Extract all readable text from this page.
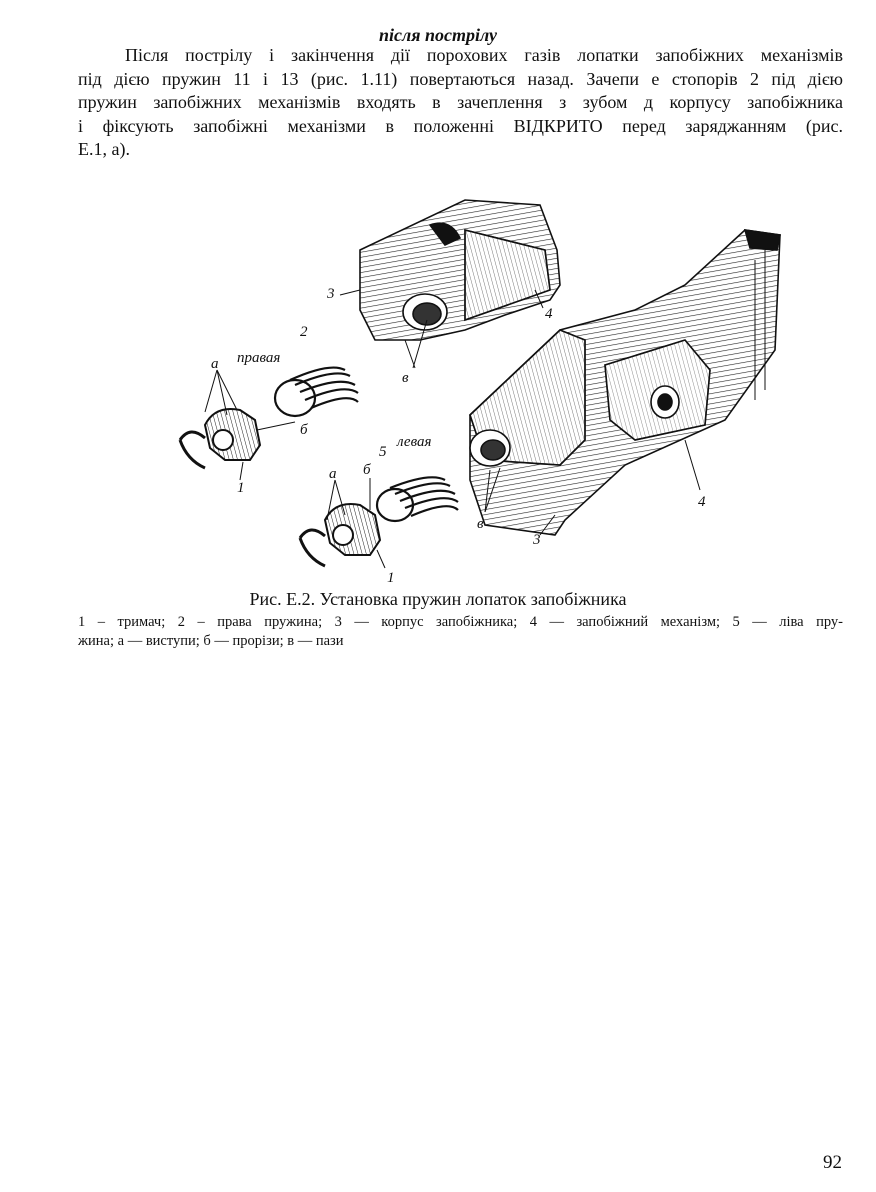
після пострілу

Після пострілу і закінчення дії порохових газів лопатки запобіжних механізмів
під дією пружин 11 і 13 (рис. 1.11) повертаються назад. Зачепи е стопорів 2 під дією
пружин запобіжних механізмів входять в зачеплення з зубом д корпусу запобіжника
і фіксують запобіжні механізми в положенні ВІДКРИТО перед заряджанням (рис.
Е.1, а).

3
4
2
правая
а
в
б
5
левая
а б
1
в
4
3
1
Рис. Е.2. Установка пружин лопаток запобіжника

1 – тримач; 2 – права пружина; 3 — корпус запобіжника; 4 — запобіжний механізм; 5 — ліва пру-
жина; а — виступи; б — прорізи; в — пази

92
